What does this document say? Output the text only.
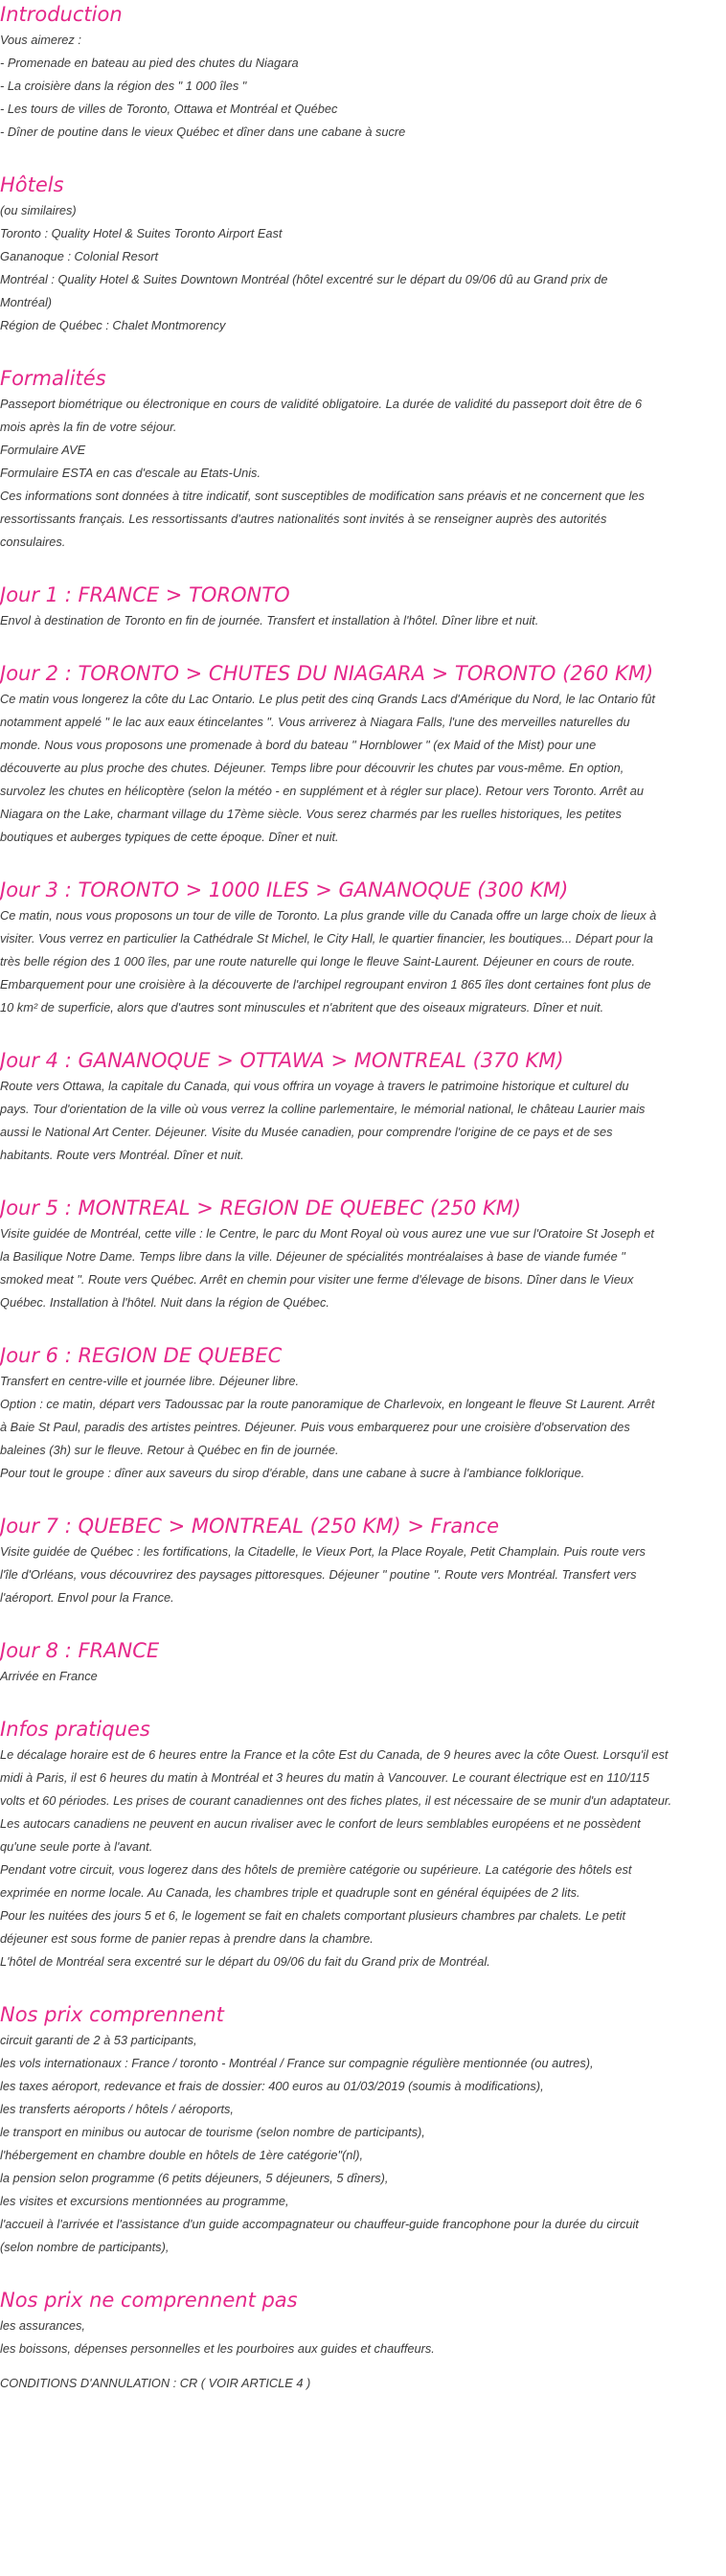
Introduction
Vous aimerez :
- Promenade en bateau au pied des chutes du Niagara
- La croisière dans la région des " 1 000 îles "
- Les tours de villes de Toronto, Ottawa et Montréal et Québec
- Dîner de poutine dans le vieux Québec et dîner dans une cabane à sucre
Hôtels
(ou similaires)
Toronto : Quality Hotel & Suites Toronto Airport East
Gananoque : Colonial Resort
Montréal : Quality Hotel & Suites Downtown Montréal (hôtel excentré sur le départ du 09/06 dû au Grand prix de
Montréal)
Région de Québec : Chalet Montmorency
Formalités
Passeport biométrique ou électronique en cours de validité obligatoire. La durée de validité du passeport doit être de 6
mois après la fin de votre séjour.
Formulaire AVE
Formulaire ESTA en cas d'escale au Etats-Unis.
Ces informations sont données à titre indicatif, sont susceptibles de modification sans préavis et ne concernent que les
ressortissants français. Les ressortissants d'autres nationalités sont invités à se renseigner auprès des autorités
consulaires.
Jour 1 : FRANCE > TORONTO
Envol à destination de Toronto en fin de journée. Transfert et installation à l'hôtel. Dîner libre et nuit.
Jour 2 : TORONTO > CHUTES DU NIAGARA > TORONTO (260 KM)
Ce matin vous longerez la côte du Lac Ontario. Le plus petit des cinq Grands Lacs d'Amérique du Nord, le lac Ontario fût
notamment appelé " le lac aux eaux étincelantes ". Vous arriverez à Niagara Falls, l'une des merveilles naturelles du
monde. Nous vous proposons une promenade à bord du bateau " Hornblower " (ex Maid of the Mist) pour une
découverte au plus proche des chutes. Déjeuner. Temps libre pour découvrir les chutes par vous-même. En option,
survolez les chutes en hélicoptère (selon la météo - en supplément et à régler sur place). Retour vers Toronto. Arrêt au
Niagara on the Lake, charmant village du 17ème siècle. Vous serez charmés par les ruelles historiques, les petites
boutiques et auberges typiques de cette époque. Dîner et nuit.
Jour 3 : TORONTO > 1000 ILES > GANANOQUE (300 KM)
Ce matin, nous vous proposons un tour de ville de Toronto. La plus grande ville du Canada offre un large choix de lieux à
visiter. Vous verrez en particulier la Cathédrale St Michel, le City Hall, le quartier financier, les boutiques... Départ pour la
très belle région des 1 000 îles, par une route naturelle qui longe le fleuve Saint-Laurent. Déjeuner en cours de route.
Embarquement pour une croisière à la découverte de l'archipel regroupant environ 1 865 îles dont certaines font plus de
10 km² de superficie, alors que d'autres sont minuscules et n'abritent que des oiseaux migrateurs. Dîner et nuit.
Jour 4 : GANANOQUE > OTTAWA > MONTREAL (370 KM)
Route vers Ottawa, la capitale du Canada, qui vous offrira un voyage à travers le patrimoine historique et culturel du
pays. Tour d'orientation de la ville où vous verrez la colline parlementaire, le mémorial national, le château Laurier mais
aussi le National Art Center. Déjeuner. Visite du Musée canadien, pour comprendre l'origine de ce pays et de ses
habitants. Route vers Montréal. Dîner et nuit.
Jour 5 : MONTREAL > REGION DE QUEBEC (250 KM)
Visite guidée de Montréal, cette ville : le Centre, le parc du Mont Royal où vous aurez une vue sur l'Oratoire St Joseph et
la Basilique Notre Dame. Temps libre dans la ville. Déjeuner de spécialités montréalaises à base de viande fumée "
smoked meat ". Route vers Québec. Arrêt en chemin pour visiter une ferme d'élevage de bisons. Dîner dans le Vieux
Québec. Installation à l'hôtel. Nuit dans la région de Québec.
Jour 6 : REGION DE QUEBEC
Transfert en centre-ville et journée libre. Déjeuner libre.
Option : ce matin, départ vers Tadoussac par la route panoramique de Charlevoix, en longeant le fleuve St Laurent. Arrêt
à Baie St Paul, paradis des artistes peintres. Déjeuner. Puis vous embarquerez pour une croisière d'observation des
baleines (3h) sur le fleuve. Retour à Québec en fin de journée.
Pour tout le groupe : dîner aux saveurs du sirop d'érable, dans une cabane à sucre à l'ambiance folklorique.
Jour 7 : QUEBEC > MONTREAL (250 KM) > France
Visite guidée de Québec : les fortifications, la Citadelle, le Vieux Port, la Place Royale, Petit Champlain. Puis route vers
l'île d'Orléans, vous découvrirez des paysages pittoresques. Déjeuner " poutine ". Route vers Montréal. Transfert vers
l'aéroport. Envol pour la France.
Jour 8 : FRANCE
Arrivée en France
Infos pratiques
Le décalage horaire est de 6 heures entre la France et la côte Est du Canada, de 9 heures avec la côte Ouest. Lorsqu'il est
midi à Paris, il est 6 heures du matin à Montréal et 3 heures du matin à Vancouver. Le courant électrique est en 110/115
volts et 60 périodes. Les prises de courant canadiennes ont des fiches plates, il est nécessaire de se munir d'un adaptateur.
Les autocars canadiens ne peuvent en aucun rivaliser avec le confort de leurs semblables européens et ne possèdent
qu'une seule porte à l'avant.
Pendant votre circuit, vous logerez dans des hôtels de première catégorie ou supérieure. La catégorie des hôtels est
exprimée en norme locale. Au Canada, les chambres triple et quadruple sont en général équipées de 2 lits.
Pour les nuitées des jours 5 et 6, le logement se fait en chalets comportant plusieurs chambres par chalets. Le petit
déjeuner est sous forme de panier repas à prendre dans la chambre.
L'hôtel de Montréal sera excentré sur le départ du 09/06 du fait du Grand prix de Montréal.
Nos prix comprennent
circuit garanti de 2 à 53 participants,
les vols internationaux : France / toronto - Montréal / France sur compagnie régulière mentionnée (ou autres),
les taxes aéroport, redevance et frais de dossier: 400 euros au 01/03/2019 (soumis à modifications),
les transferts aéroports / hôtels / aéroports,
le transport en minibus ou autocar de tourisme (selon nombre de participants),
l'hébergement en chambre double en hôtels de 1ère catégorie"(nl),
la pension selon programme (6 petits déjeuners, 5 déjeuners, 5 dîners),
les visites et excursions mentionnées au programme,
l'accueil à l'arrivée et l'assistance d'un guide accompagnateur ou chauffeur-guide francophone pour la durée du circuit
(selon nombre de participants),
Nos prix ne comprennent pas
les assurances,
les boissons, dépenses personnelles et les pourboires aux guides et chauffeurs.
CONDITIONS D'ANNULATION : CR ( VOIR ARTICLE 4 )
